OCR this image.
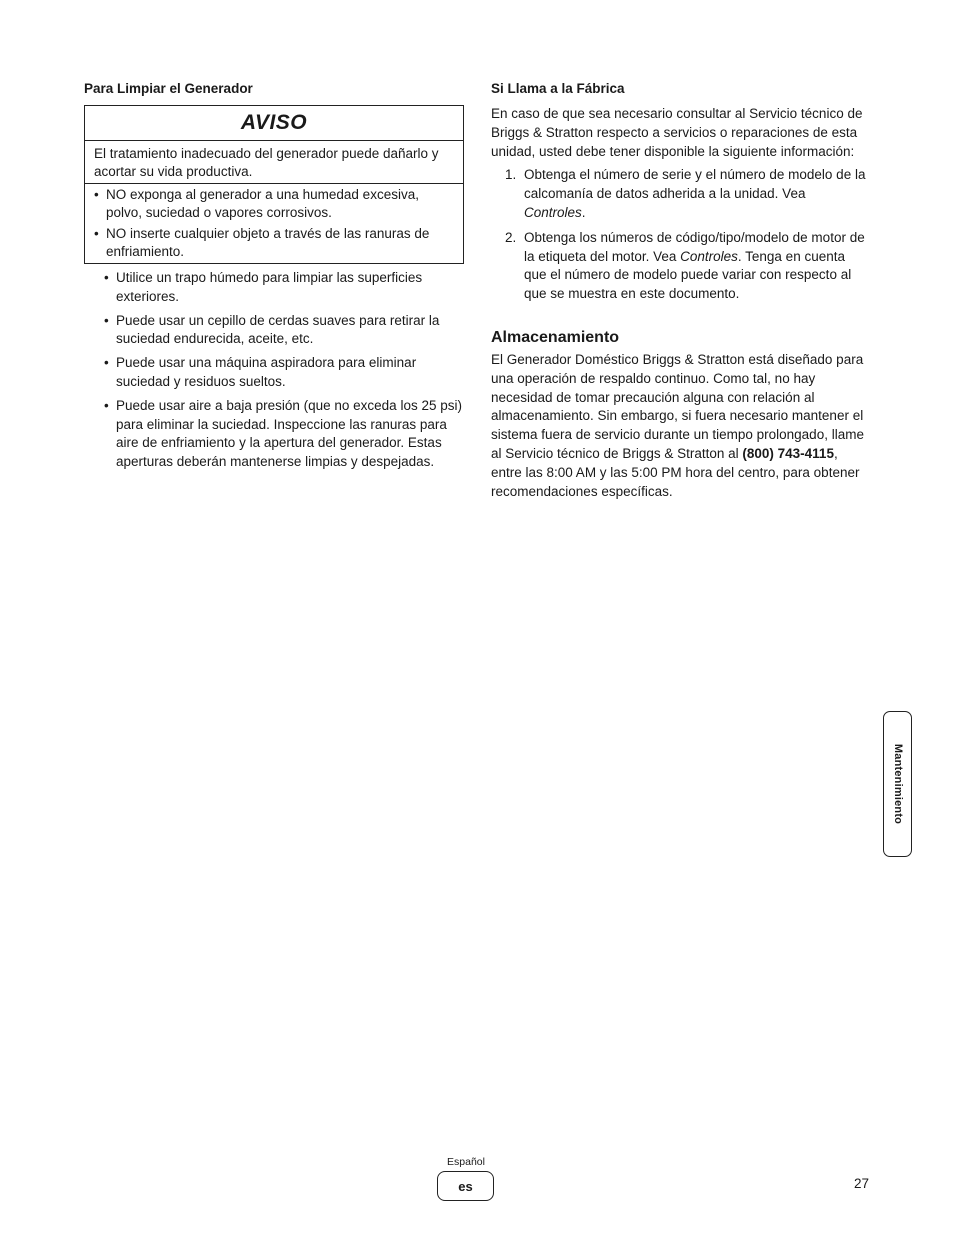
Para Limpiar el Generador
AVISO
El tratamiento inadecuado del generador puede dañarlo y acortar su vida productiva.
• NO exponga al generador a una humedad excesiva, polvo, suciedad o vapores corrosivos.
• NO inserte cualquier objeto a través de las ranuras de enfriamiento.
• Utilice un trapo húmedo para limpiar las superficies exteriores.
• Puede usar un cepillo de cerdas suaves para retirar la suciedad endurecida, aceite, etc.
• Puede usar una máquina aspiradora para eliminar suciedad y residuos sueltos.
• Puede usar aire a baja presión (que no exceda los 25 psi) para eliminar la suciedad. Inspeccione las ranuras para aire de enfriamiento y la apertura del generador. Estas aperturas deberán mantenerse limpias y despejadas.
Si Llama a la Fábrica

En caso de que sea necesario consultar al Servicio técnico de Briggs & Stratton respecto a servicios o reparaciones de esta unidad, usted debe tener disponible la siguiente información:

1. Obtenga el número de serie y el número de modelo de la calcomanía de datos adherida a la unidad. Vea Controles.
2. Obtenga los números de código/tipo/modelo de motor de la etiqueta del motor. Vea Controles. Tenga en cuenta que el número de modelo puede variar con respecto al que se muestra en este documento.
Almacenamiento

El Generador Doméstico Briggs & Stratton está diseñado para una operación de respaldo continuo. Como tal, no hay necesidad de tomar precaución alguna con relación al almacenamiento. Sin embargo, si fuera necesario mantener el sistema fuera de servicio durante un tiempo prolongado, llame al Servicio técnico de Briggs & Stratton al (800) 743-4115, entre las 8:00 AM y las 5:00 PM hora del centro, para obtener recomendaciones específicas.

Mantenimiento
Español
es	27
